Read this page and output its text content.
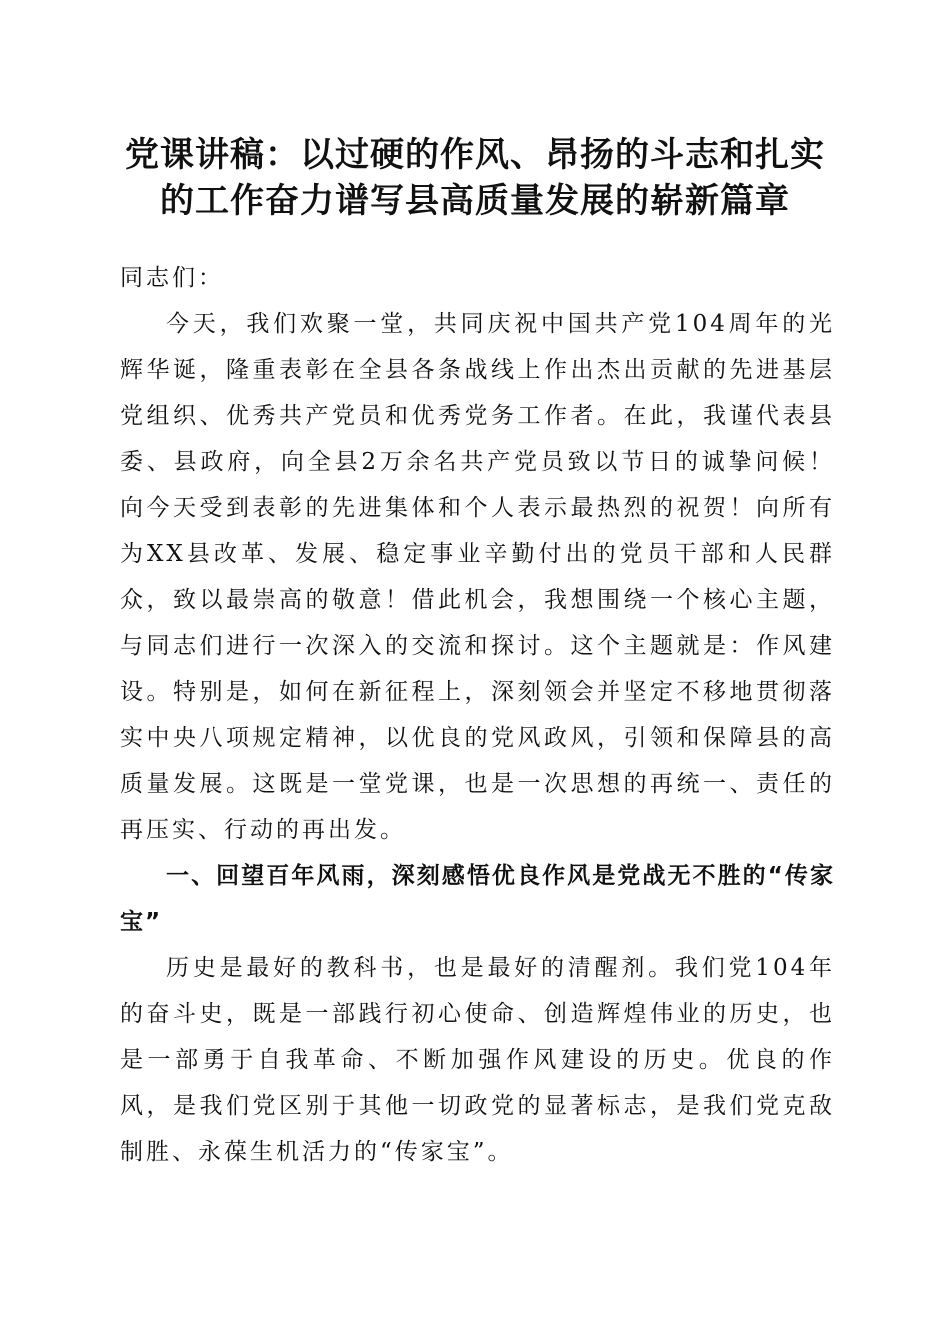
党课讲稿：以过硬的作风、昂扬的斗志和扎实
的工作奋力谱写县高质量发展的崭新篇章

同志们：

今天，我们欢聚一堂，共同庆祝中国共产党104周年的光辉华诞，隆重表彰在全县各条战线上作出杰出贡献的先进基层党组织、优秀共产党员和优秀党务工作者。在此，我谨代表县委、县政府，向全县2万余名共产党员致以节日的诚挚问候！向今天受到表彰的先进集体和个人表示最热烈的祝贺！向所有为XX县改革、发展、稳定事业辛勤付出的党员干部和人民群众，致以最崇高的敬意！借此机会，我想围绕一个核心主题，与同志们进行一次深入的交流和探讨。这个主题就是：作风建设。特别是，如何在新征程上，深刻领会并坚定不移地贯彻落实中央八项规定精神，以优良的党风政风，引领和保障县的高质量发展。这既是一堂党课，也是一次思想的再统一、责任的再压实、行动的再出发。

一、回望百年风雨，深刻感悟优良作风是党战无不胜的“传家宝”

历史是最好的教科书，也是最好的清醒剂。我们党104年的奋斗史，既是一部践行初心使命、创造辉煌伟业的历史，也是一部勇于自我革命、不断加强作风建设的历史。优良的作风，是我们党区别于其他一切政党的显著标志，是我们党克敌制胜、永葆生机活力的“传家宝”。
